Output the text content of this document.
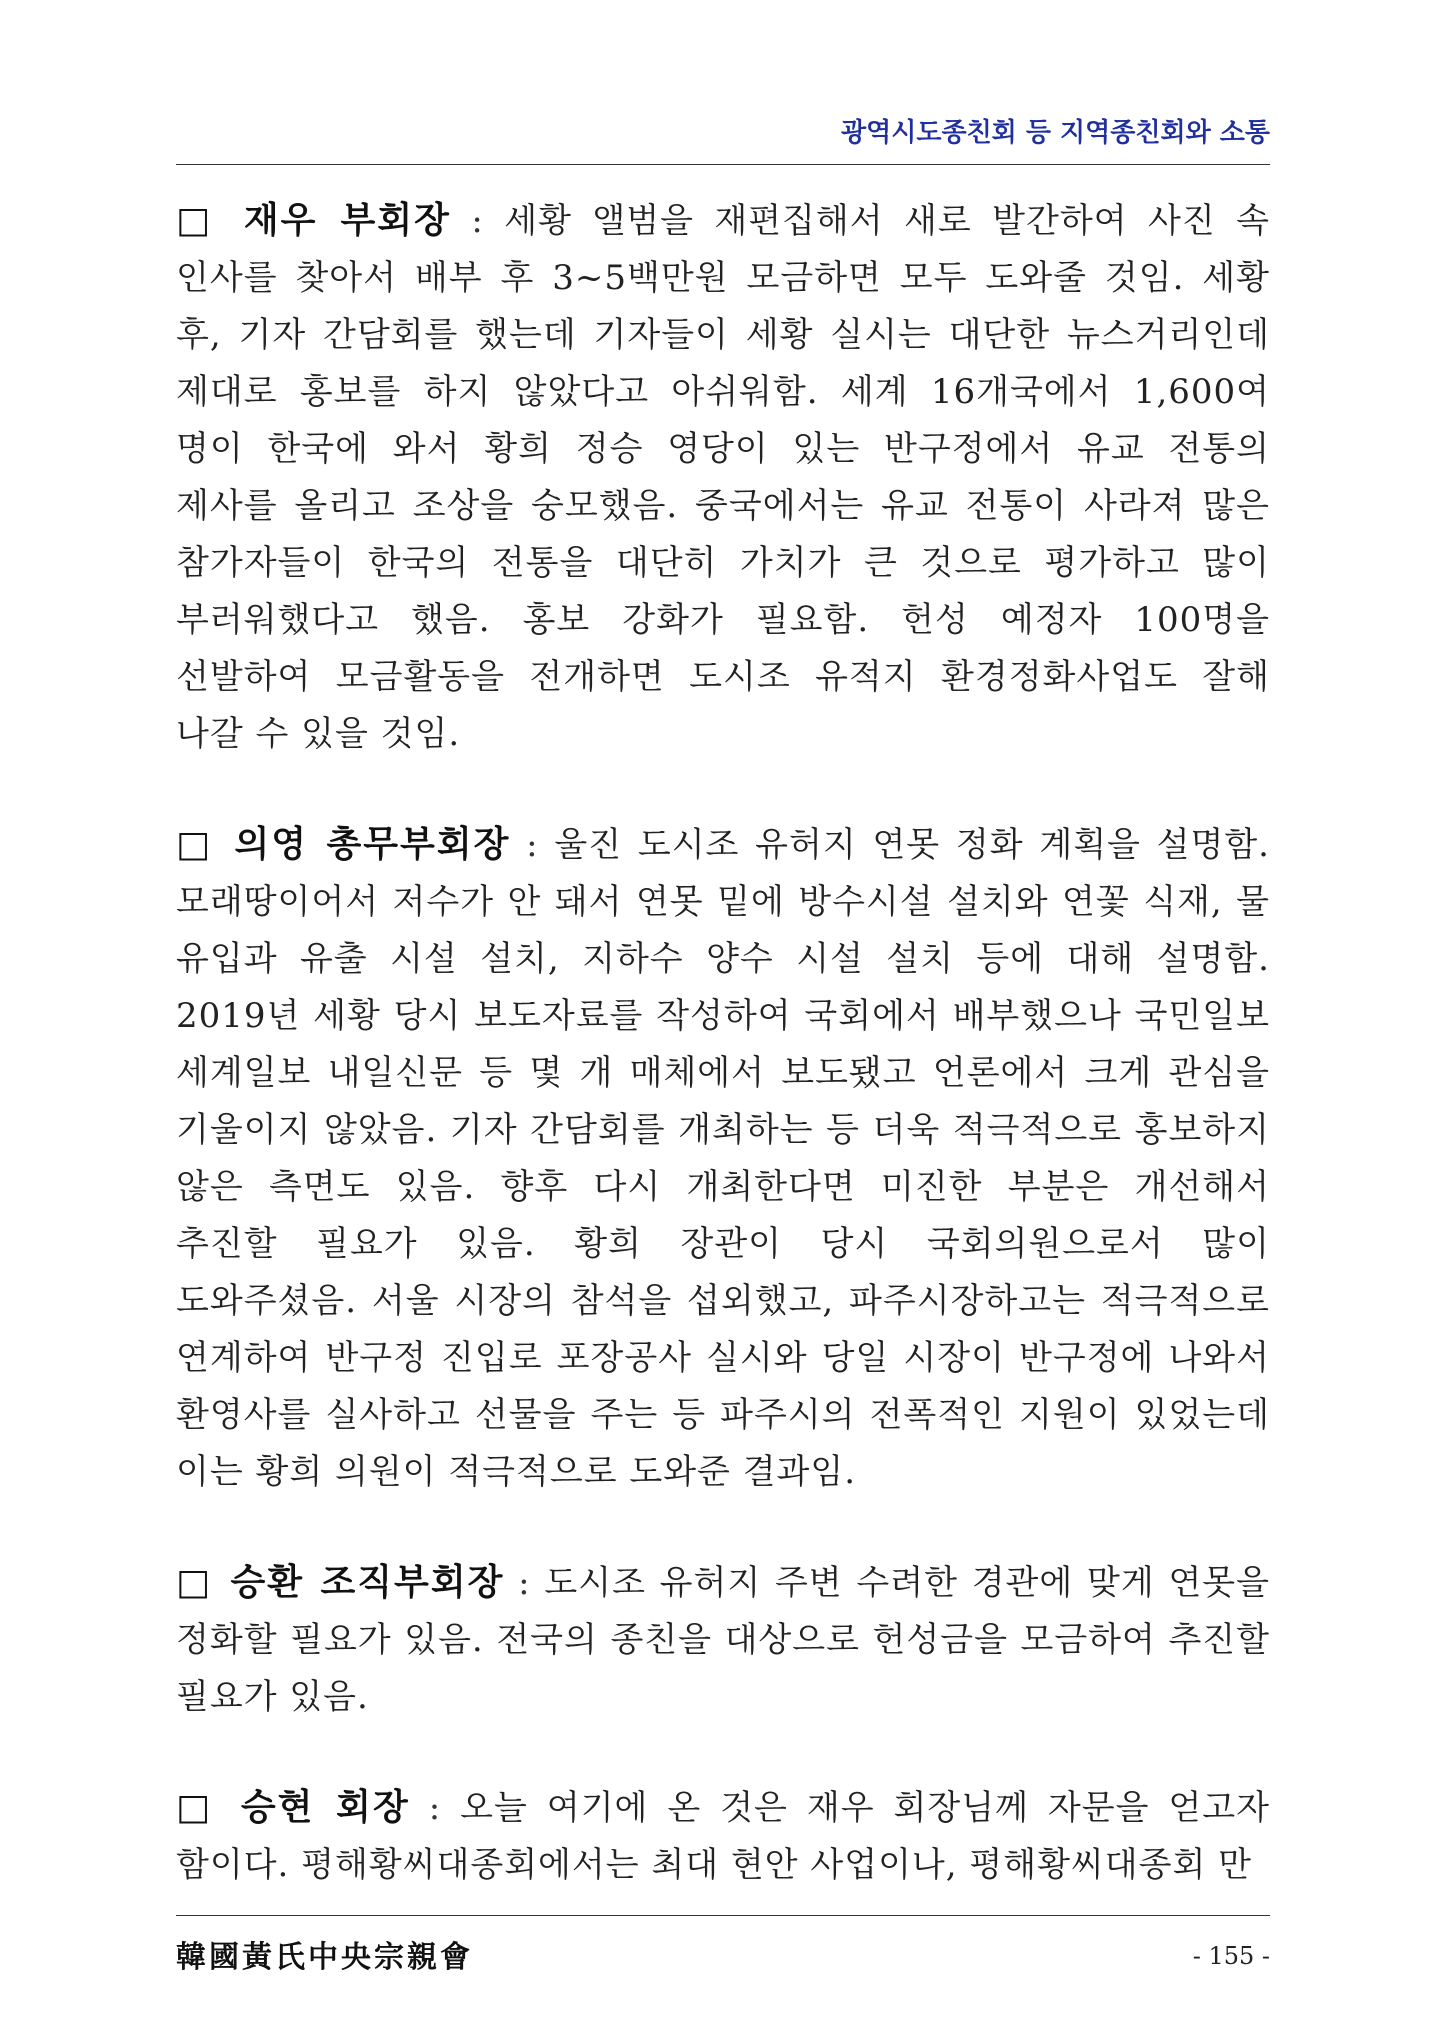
광역시도종친회 등 지역종친회와 소통

□ 재우 부회장 : 세황 앨범을 재편집해서 새로 발간하여 사진 속 인사를 찾아서 배부 후 3~5백만원 모금하면 모두 도와줄 것임. 세황 후, 기자 간담회를 했는데 기자들이 세황 실시는 대단한 뉴스거리인데 제대로 홍보를 하지 않았다고 아쉬워함. 세계 16개국에서 1,600여 명이 한국에 와서 황희 정승 영당이 있는 반구정에서 유교 전통의 제사를 올리고 조상을 숭모했음. 중국에서는 유교 전통이 사라져 많은 참가자들이 한국의 전통을 대단히 가치가 큰 것으로 평가하고 많이 부러워했다고 했음. 홍보 강화가 필요함. 헌성 예정자 100명을 선발하여 모금활동을 전개하면 도시조 유적지 환경정화사업도 잘해 나갈 수 있을 것임.

□ 의영 총무부회장 : 울진 도시조 유허지 연못 정화 계획을 설명함. 모래땅이어서 저수가 안 돼서 연못 밑에 방수시설 설치와 연꽃 식재, 물 유입과 유출 시설 설치, 지하수 양수 시설 설치 등에 대해 설명함. 2019년 세황 당시 보도자료를 작성하여 국회에서 배부했으나 국민일보 세계일보 내일신문 등 몇 개 매체에서 보도됐고 언론에서 크게 관심을 기울이지 않았음. 기자 간담회를 개최하는 등 더욱 적극적으로 홍보하지 않은 측면도 있음. 향후 다시 개최한다면 미진한 부분은 개선해서 추진할 필요가 있음. 황희 장관이 당시 국회의원으로서 많이 도와주셨음. 서울 시장의 참석을 섭외했고, 파주시장하고는 적극적으로 연계하여 반구정 진입로 포장공사 실시와 당일 시장이 반구정에 나와서 환영사를 실사하고 선물을 주는 등 파주시의 전폭적인 지원이 있었는데 이는 황희 의원이 적극적으로 도와준 결과임.

□ 승환 조직부회장 : 도시조 유허지 주변 수려한 경관에 맞게 연못을 정화할 필요가 있음. 전국의 종친을 대상으로 헌성금을 모금하여 추진할 필요가 있음.

□ 승현 회장 : 오늘 여기에 온 것은 재우 회장님께 자문을 얻고자 함이다. 평해황씨대종회에서는 최대 현안 사업이나, 평해황씨대종회 만

韓國黃氏中央宗親會	- 155 -
